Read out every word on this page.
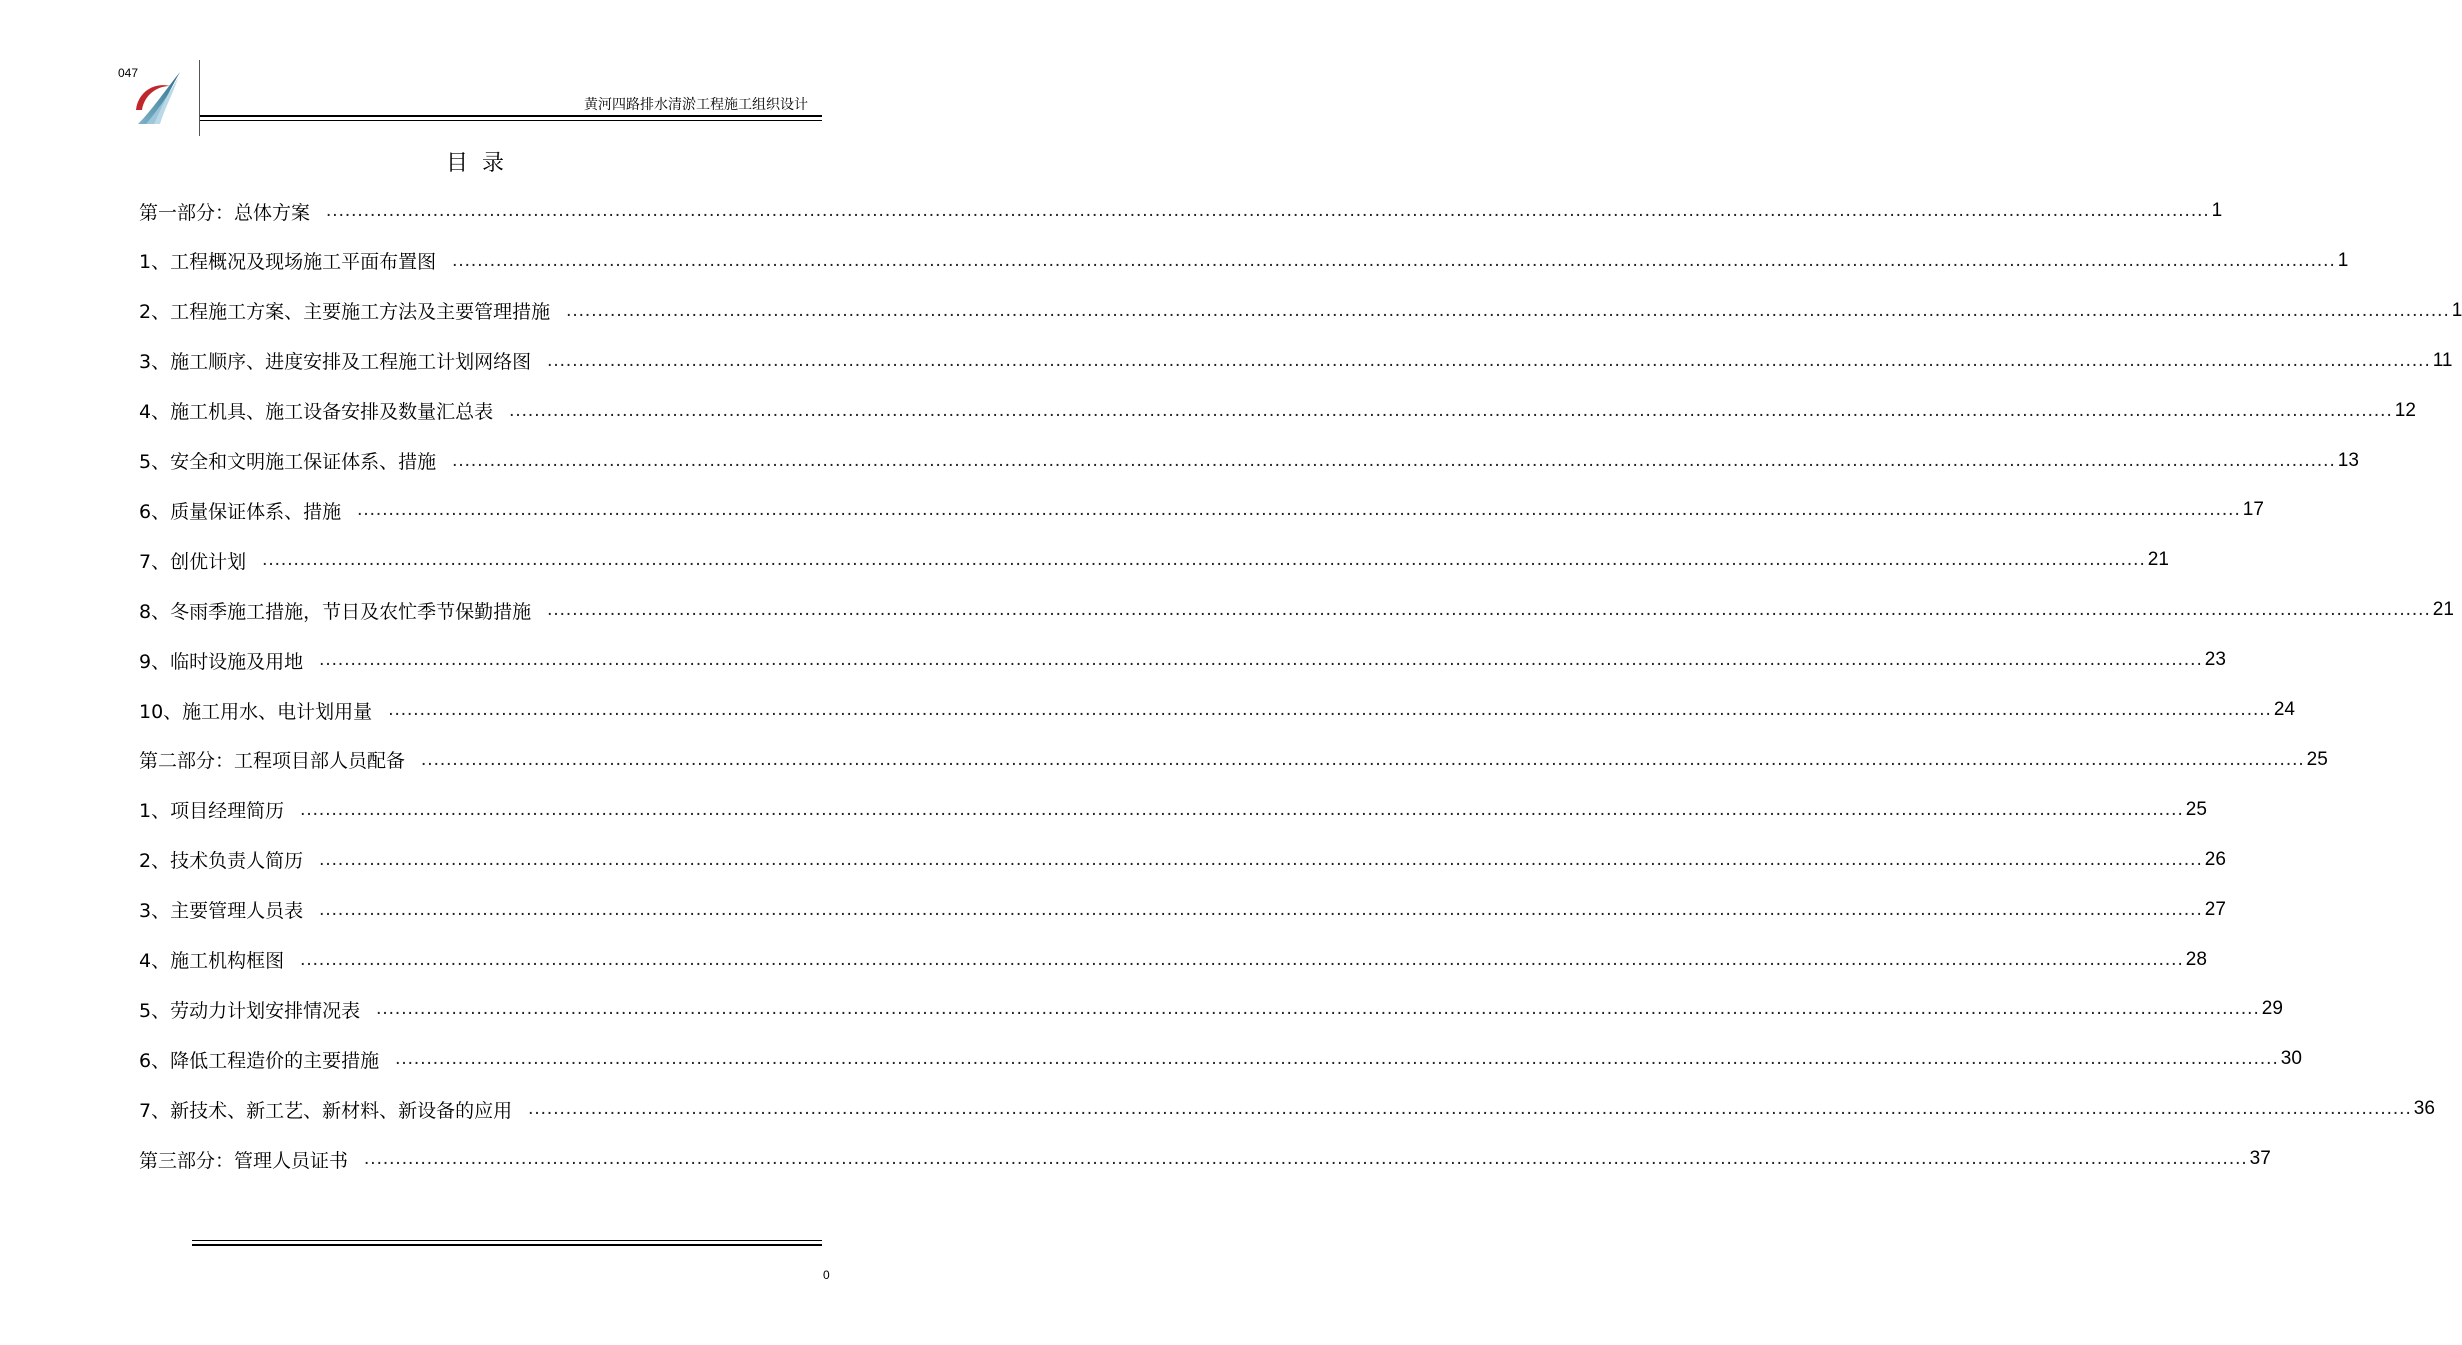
047
黄河四路排水清淤工程施工组织设计
目录
第一部分：总体方案 ............................................................................................................................................................................................................................................................................................................ 1
1、工程概况及现场施工平面布置图 ............................................................................................................................................................................................................................................................................................................ 1
2、工程施工方案、主要施工方法及主要管理措施 ............................................................................................................................................................................................................................................................................................................ 1
3、施工顺序、进度安排及工程施工计划网络图 ............................................................................................................................................................................................................................................................................................................ 11
4、施工机具、施工设备安排及数量汇总表 ............................................................................................................................................................................................................................................................................................................ 12
5、安全和文明施工保证体系、措施 ............................................................................................................................................................................................................................................................................................................ 13
6、质量保证体系、措施 ............................................................................................................................................................................................................................................................................................................ 17
7、创优计划 ............................................................................................................................................................................................................................................................................................................ 21
8、冬雨季施工措施，节日及农忙季节保勤措施 ............................................................................................................................................................................................................................................................................................................ 21
9、临时设施及用地 ............................................................................................................................................................................................................................................................................................................ 23
10、施工用水、电计划用量 ............................................................................................................................................................................................................................................................................................................ 24
第二部分：工程项目部人员配备 ............................................................................................................................................................................................................................................................................................................ 25
1、项目经理简历 ............................................................................................................................................................................................................................................................................................................ 25
2、技术负责人简历 ............................................................................................................................................................................................................................................................................................................ 26
3、主要管理人员表 ............................................................................................................................................................................................................................................................................................................ 27
4、施工机构框图 ............................................................................................................................................................................................................................................................................................................ 28
5、劳动力计划安排情况表 ............................................................................................................................................................................................................................................................................................................ 29
6、降低工程造价的主要措施 ............................................................................................................................................................................................................................................................................................................ 30
7、新技术、新工艺、新材料、新设备的应用 ............................................................................................................................................................................................................................................................................................................ 36
第三部分：管理人员证书 ............................................................................................................................................................................................................................................................................................................ 37
0
